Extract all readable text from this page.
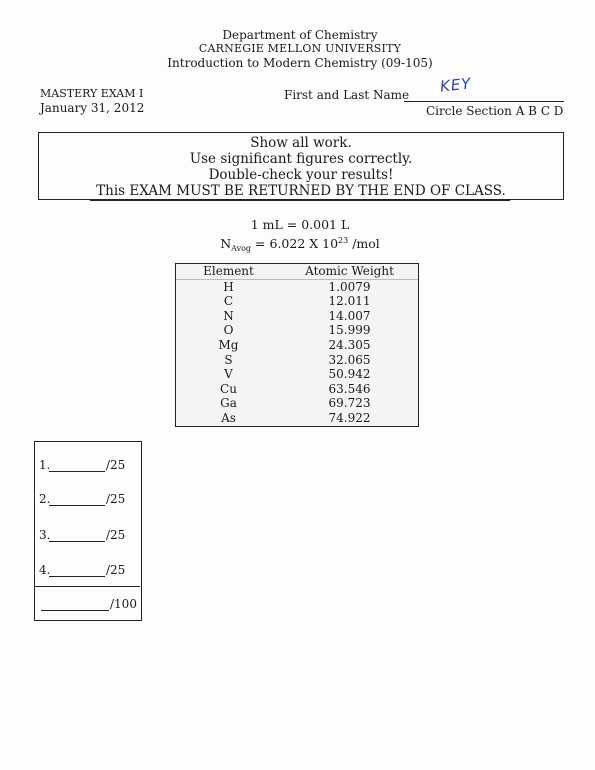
Department of Chemistry
CARNEGIE MELLON UNIVERSITY
Introduction to Modern Chemistry (09-105)
MASTERY EXAM I
January 31, 2012
First and Last Name KEY
Circle Section A B C D
Show all work.
Use significant figures correctly.
Double-check your results!
This EXAM MUST BE RETURNED BY THE END OF CLASS.
1 mL = 0.001 L
$N_{Avog} = 6.022$ X $10^{23}$ /mol
Element	Atomic Weight
H	1.0079
C	12.011
N	14.007
O	15.999
Mg	24.305
S	32.065
V	50.942
Cu	63.546
Ga	69.723
As	74.922
1.	/25
2.	/25
3.	/25
4.	/25
/100
